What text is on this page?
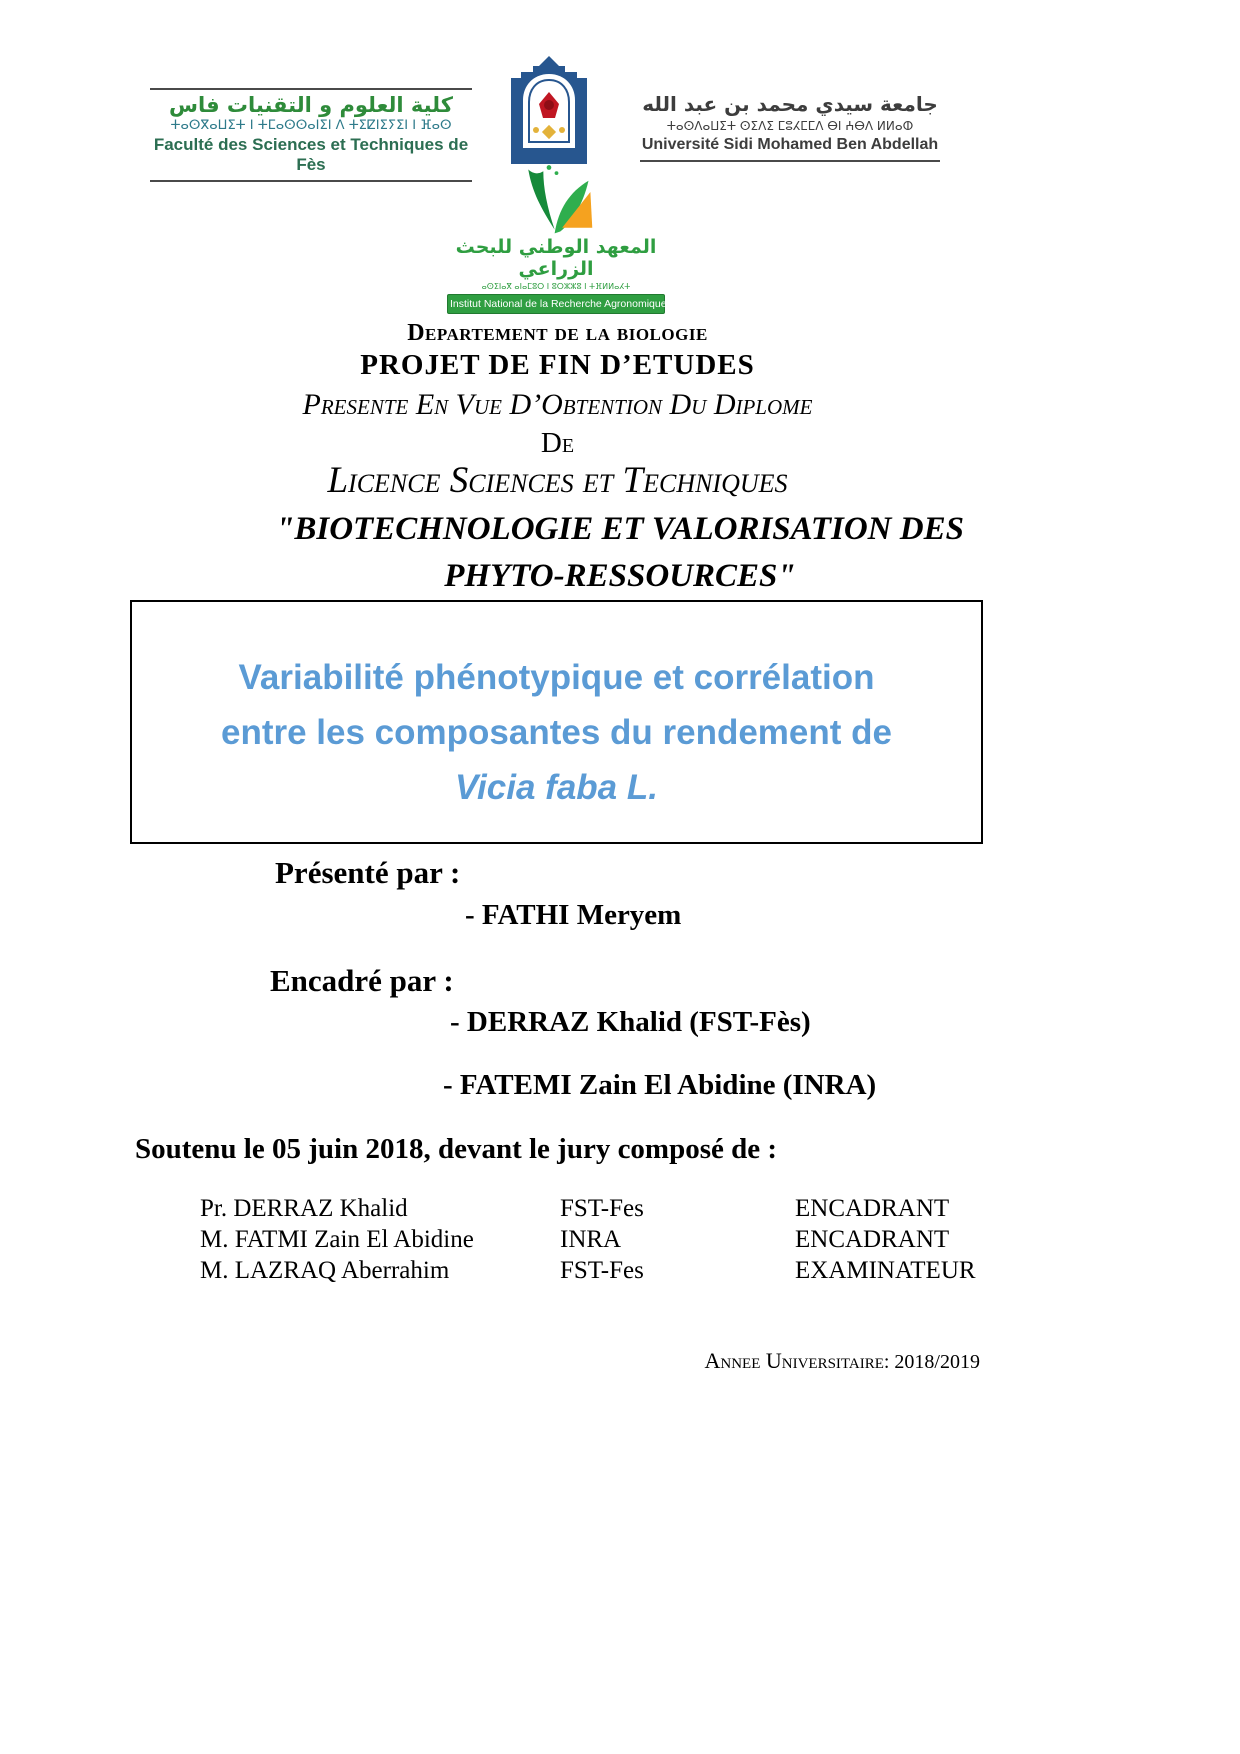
كلية العلوم و التقنيات فاس
ⵜⴰⵙⴳⴰⵡⵉⵜ ⵏ ⵜⵎⴰⵙⵙⴰⵏⵉⵏ ⴷ ⵜⵉⵇⵏⵉⵢⵉⵏ ⵏ ⴼⴰⵙ
Faculté des Sciences et Techniques de Fès
جامعة سيدي محمد بن عبد الله
ⵜⴰⵙⴷⴰⵡⵉⵜ ⵙⵉⴷⵉ ⵎⵓⵃⵎⵎⴷ ⴱⵏ ⵄⴱⴷ ⵍⵍⴰⵀ
Université Sidi Mohamed Ben Abdellah
المعهد الوطني للبحث الزراعي
ⴰⵙⵉⵏⴰⴳ ⴰⵏⴰⵎⵓⵔ ⵏ ⵓⵔⵣⵣⵓ ⵏ ⵜⴼⵍⵍⴰⵃⵜ
Institut National de la Recherche Agronomique
Departement de la biologie
PROJET DE FIN D’ETUDES
Presente En Vue D’Obtention Du Diplome
De
Licence Sciences et Techniques
"BIOTECHNOLOGIE ET VALORISATION DES
PHYTO-RESSOURCES"
Variabilité phénotypique et corrélation
entre les composantes du rendement de
Vicia faba L.
Présenté par :
- FATHI Meryem
Encadré par :
- DERRAZ Khalid (FST-Fès)
- FATEMI Zain El Abidine (INRA)
Soutenu le 05 juin 2018, devant le jury composé de :
Pr. DERRAZ Khalid	FST-Fes	ENCADRANT
M. FATMI Zain El Abidine	INRA	ENCADRANT
M. LAZRAQ Aberrahim	FST-Fes	EXAMINATEUR
Annee Universitaire: 2018/2019
